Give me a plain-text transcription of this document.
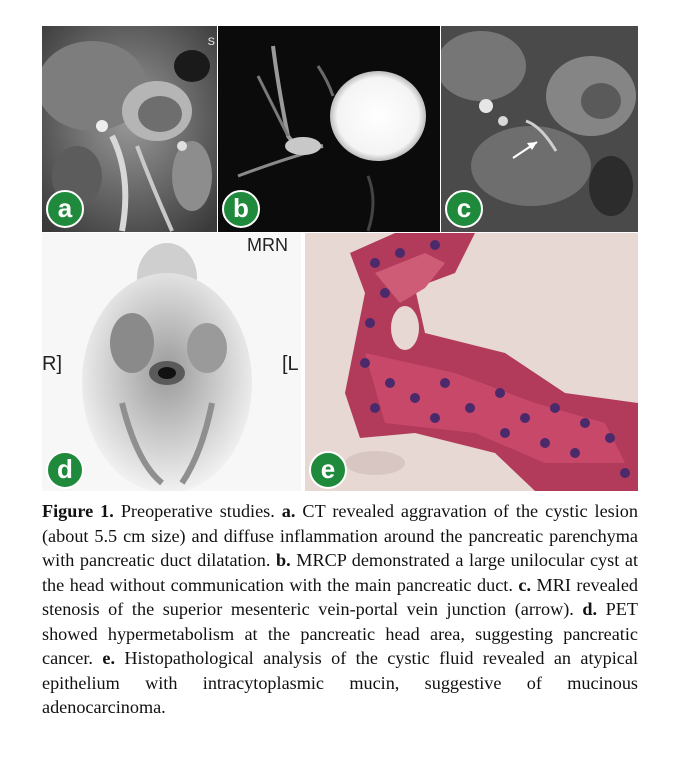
S
a	b	c
MRN
R]	[L
d	e
Figure 1. Preoperative studies. a. CT revealed aggravation of the cystic lesion (about 5.5 cm size) and diffuse inflammation around the pancreatic parenchyma with pancreatic duct dilatation. b. MRCP demonstrated a large unilocular cyst at the head without communication with the main pancreatic duct. c. MRI revealed stenosis of the superior mesenteric vein-portal vein junction (arrow). d. PET showed hypermetabolism at the pancreatic head area, suggesting pancreatic cancer. e. Histopathological analysis of the cystic fluid revealed an atypical epithelium with intracytoplasmic mucin, suggestive of mucinous adenocarcinoma.
